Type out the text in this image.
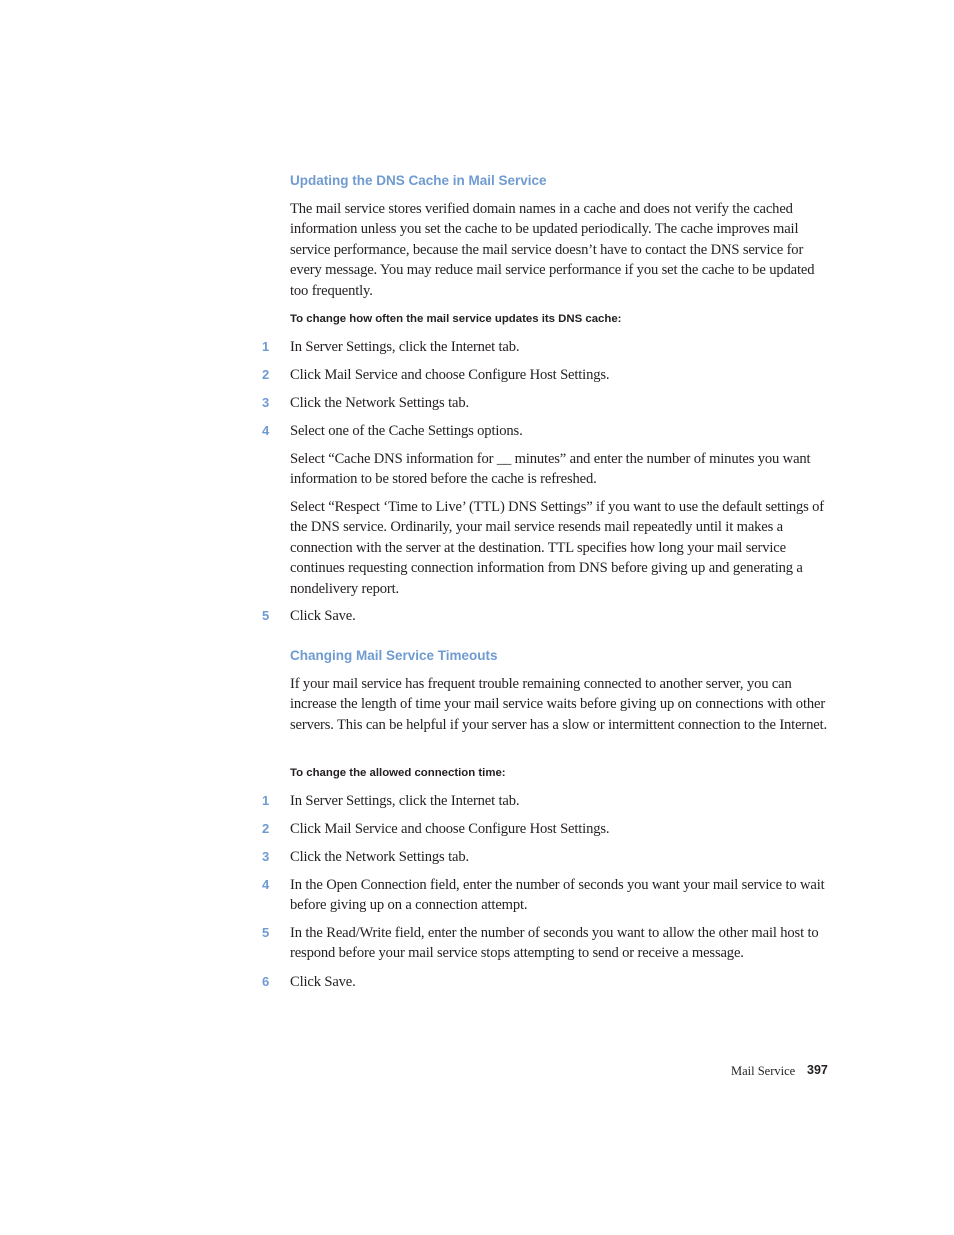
Updating the DNS Cache in Mail Service

The mail service stores verified domain names in a cache and does not verify the cached information unless you set the cache to be updated periodically. The cache improves mail service performance, because the mail service doesn’t have to contact the DNS service for every message. You may reduce mail service performance if you set the cache to be updated too frequently.

To change how often the mail service updates its DNS cache:

1 In Server Settings, click the Internet tab.
2 Click Mail Service and choose Configure Host Settings.
3 Click the Network Settings tab.
4 Select one of the Cache Settings options.

Select “Cache DNS information for __ minutes” and enter the number of minutes you want information to be stored before the cache is refreshed.

Select “Respect ‘Time to Live’ (TTL) DNS Settings” if you want to use the default settings of the DNS service. Ordinarily, your mail service resends mail repeatedly until it makes a connection with the server at the destination. TTL specifies how long your mail service continues requesting connection information from DNS before giving up and generating a nondelivery report.

5 Click Save.
Changing Mail Service Timeouts

If your mail service has frequent trouble remaining connected to another server, you can increase the length of time your mail service waits before giving up on connections with other servers. This can be helpful if your server has a slow or intermittent connection to the Internet.

To change the allowed connection time:

1 In Server Settings, click the Internet tab.
2 Click Mail Service and choose Configure Host Settings.
3 Click the Network Settings tab.
4 In the Open Connection field, enter the number of seconds you want your mail service to wait before giving up on a connection attempt.
5 In the Read/Write field, enter the number of seconds you want to allow the other mail host to respond before your mail service stops attempting to send or receive a message.
6 Click Save.
Mail Service 397
